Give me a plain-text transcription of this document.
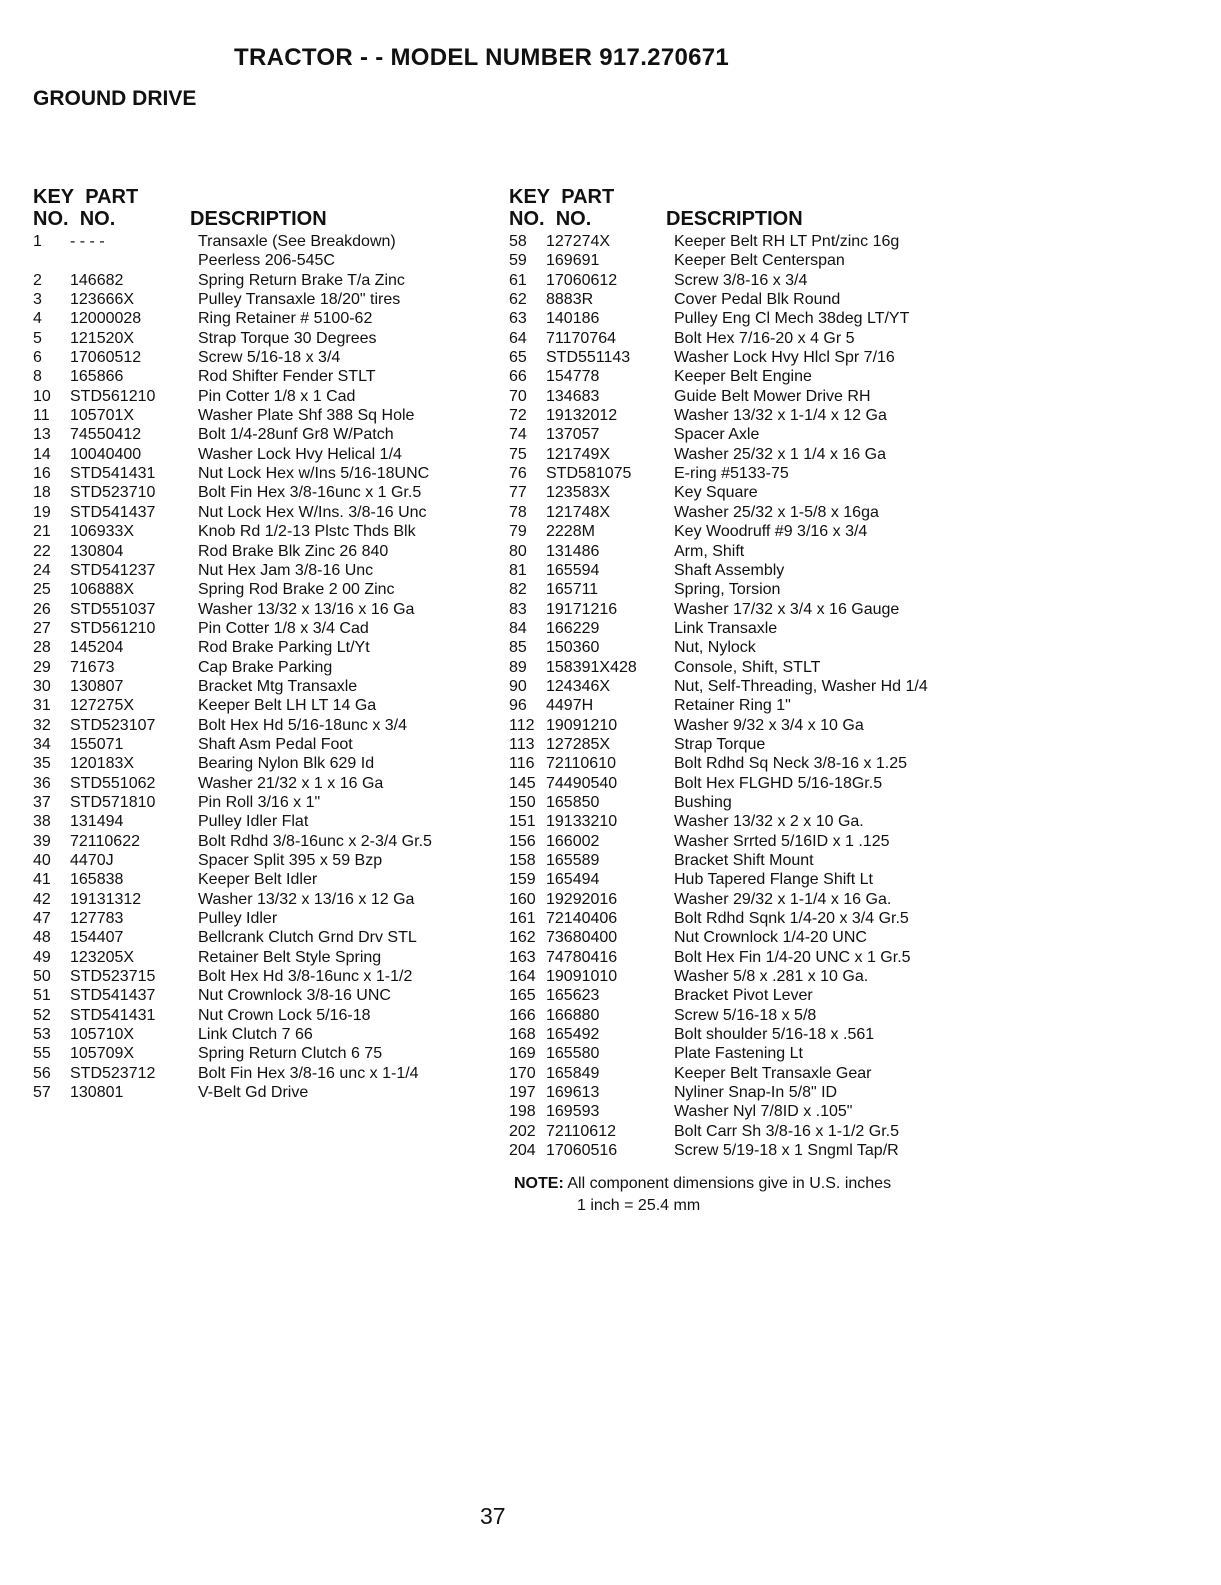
TRACTOR - - MODEL NUMBER 917.270671
GROUND DRIVE
KEY PART
NO. NO.	DESCRIPTION
1	- - - -	Transaxle (See Breakdown)
Peerless 206-545C
2	146682	Spring Return Brake T/a Zinc
3	123666X	Pulley Transaxle 18/20" tires
4	12000028	Ring Retainer # 5100-62
5	121520X	Strap Torque 30 Degrees
6	17060512	Screw 5/16-18 x 3/4
8	165866	Rod Shifter Fender STLT
10	STD561210	Pin Cotter 1/8 x 1 Cad
11	105701X	Washer Plate Shf 388 Sq Hole
13	74550412	Bolt 1/4-28unf Gr8 W/Patch
14	10040400	Washer Lock Hvy Helical 1/4
16	STD541431	Nut Lock Hex w/Ins 5/16-18UNC
18	STD523710	Bolt Fin Hex 3/8-16unc x 1 Gr.5
19	STD541437	Nut Lock Hex W/Ins. 3/8-16 Unc
21	106933X	Knob Rd 1/2-13 Plstc Thds Blk
22	130804	Rod Brake Blk Zinc 26 840
24	STD541237	Nut Hex Jam 3/8-16 Unc
25	106888X	Spring Rod Brake 2 00 Zinc
26	STD551037	Washer 13/32 x 13/16 x 16 Ga
27	STD561210	Pin Cotter 1/8 x 3/4 Cad
28	145204	Rod Brake Parking Lt/Yt
29	71673	Cap Brake Parking
30	130807	Bracket Mtg Transaxle
31	127275X	Keeper Belt LH LT 14 Ga
32	STD523107	Bolt Hex Hd 5/16-18unc x 3/4
34	155071	Shaft Asm Pedal Foot
35	120183X	Bearing Nylon Blk 629 Id
36	STD551062	Washer 21/32 x 1 x 16 Ga
37	STD571810	Pin Roll 3/16 x 1"
38	131494	Pulley Idler Flat
39	72110622	Bolt Rdhd 3/8-16unc x 2-3/4 Gr.5
40	4470J	Spacer Split 395 x 59 Bzp
41	165838	Keeper Belt Idler
42	19131312	Washer 13/32 x 13/16 x 12 Ga
47	127783	Pulley Idler
48	154407	Bellcrank Clutch Grnd Drv STL
49	123205X	Retainer Belt Style Spring
50	STD523715	Bolt Hex Hd 3/8-16unc x 1-1/2
51	STD541437	Nut Crownlock 3/8-16 UNC
52	STD541431	Nut Crown Lock 5/16-18
53	105710X	Link Clutch 7 66
55	105709X	Spring Return Clutch 6 75
56	STD523712	Bolt Fin Hex 3/8-16 unc x 1-1/4
57	130801	V-Belt Gd Drive
KEY PART
NO. NO.	DESCRIPTION
58	127274X	Keeper Belt RH LT Pnt/zinc 16g
59	169691	Keeper Belt Centerspan
61	17060612	Screw 3/8-16 x 3/4
62	8883R	Cover Pedal Blk Round
63	140186	Pulley Eng Cl Mech 38deg LT/YT
64	71170764	Bolt Hex 7/16-20 x 4 Gr 5
65	STD551143	Washer Lock Hvy Hlcl Spr 7/16
66	154778	Keeper Belt Engine
70	134683	Guide Belt Mower Drive RH
72	19132012	Washer 13/32 x 1-1/4 x 12 Ga
74	137057	Spacer Axle
75	121749X	Washer 25/32 x 1 1/4 x 16 Ga
76	STD581075	E-ring #5133-75
77	123583X	Key Square
78	121748X	Washer 25/32 x 1-5/8 x 16ga
79	2228M	Key Woodruff #9 3/16 x 3/4
80	131486	Arm, Shift
81	165594	Shaft Assembly
82	165711	Spring, Torsion
83	19171216	Washer 17/32 x 3/4 x 16 Gauge
84	166229	Link Transaxle
85	150360	Nut, Nylock
89	158391X428 Console, Shift, STLT
90	124346X	Nut, Self-Threading, Washer Hd 1/4
96	4497H	Retainer Ring 1"
112 19091210	Washer 9/32 x 3/4 x 10 Ga
113 127285X	Strap Torque
116 72110610	Bolt Rdhd Sq Neck 3/8-16 x 1.25
145 74490540	Bolt Hex FLGHD 5/16-18Gr.5
150 165850	Bushing
151 19133210	Washer 13/32 x 2 x 10 Ga.
156 166002	Washer Srrted 5/16ID x 1 .125
158 165589	Bracket Shift Mount
159 165494	Hub Tapered Flange Shift Lt
160 19292016	Washer 29/32 x 1-1/4 x 16 Ga.
161 72140406	Bolt Rdhd Sqnk 1/4-20 x 3/4 Gr.5
162 73680400	Nut Crownlock 1/4-20 UNC
163 74780416	Bolt Hex Fin 1/4-20 UNC x 1 Gr.5
164 19091010	Washer 5/8 x .281 x 10 Ga.
165 165623	Bracket Pivot Lever
166 166880	Screw 5/16-18 x 5/8
168 165492	Bolt shoulder 5/16-18 x .561
169 165580	Plate Fastening Lt
170 165849	Keeper Belt Transaxle Gear
197 169613	Nyliner Snap-In 5/8" ID
198 169593	Washer Nyl 7/8ID x .105"
202 72110612	Bolt Carr Sh 3/8-16 x 1-1/2 Gr.5
204 17060516	Screw 5/19-18 x 1 Sngml Tap/R
NOTE: All component dimensions give in U.S. inches
1 inch = 25.4 mm
37
